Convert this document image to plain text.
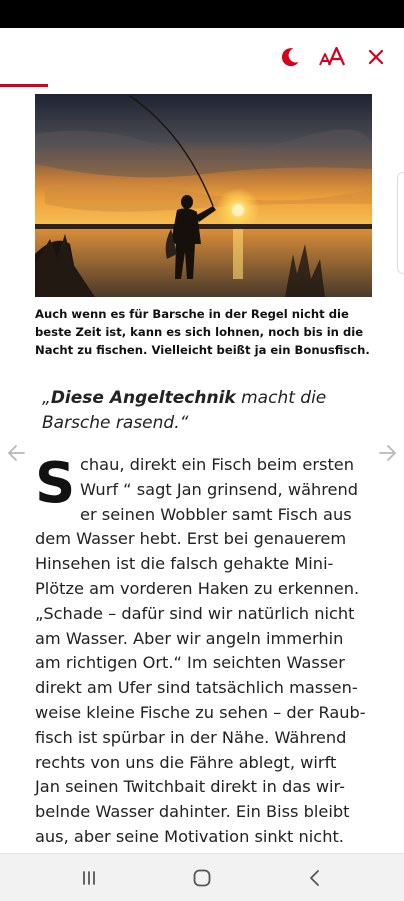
Auch wenn es für Barsche in der Regel nicht die beste Zeit ist, kann es sich lohnen, noch bis in die Nacht zu fischen. Vielleicht beißt ja ein Bonusfisch.
„Diese Angeltechnik macht die Barsche rasend.“
S chau, direkt ein Fisch beim ersten
Wurf “ sagt Jan grinsend, während
er seinen Wobbler samt Fisch aus
dem Wasser hebt. Erst bei genauerem
Hinsehen ist die falsch gehakte Mini-
Plötze am vorderen Haken zu erkennen.
„Schade – dafür sind wir natürlich nicht
am Wasser. Aber wir angeln immerhin
am richtigen Ort.“ Im seichten Wasser
direkt am Ufer sind tatsächlich massen-
weise kleine Fische zu sehen – der Raub-
fisch ist spürbar in der Nähe. Während
rechts von uns die Fähre ablegt, wirft
Jan seinen Twitchbait direkt in das wir-
belnde Wasser dahinter. Ein Biss bleibt
aus, aber seine Motivation sinkt nicht.
